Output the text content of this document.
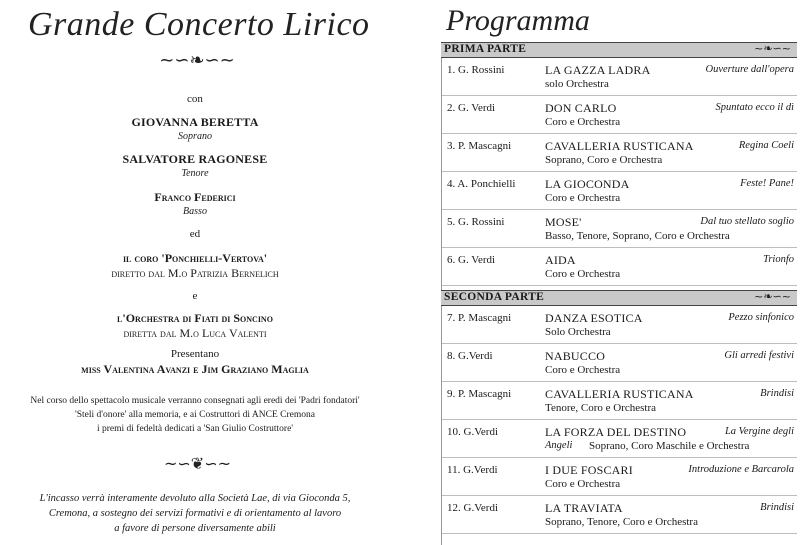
Grande Concerto Lirico
~∽❧∽~
con
GIOVANNA BERETTA
Soprano
SALVATORE RAGONESE
Tenore
Franco Federici
Basso
ed
il coro 'Ponchielli-Vertova'
diretto dal M.o Patrizia Bernelich
e
l'Orchestra di Fiati di Soncino
diretta dal M.o Luca Valenti
Presentano
miss Valentina Avanzi e Jim Graziano Maglia
Nel corso dello spettacolo musicale verranno consegnati agli eredi dei 'Padri fondatori'
'Steli d'onore' alla memoria, e ai Costruttori di ANCE Cremona
i premi di fedeltà dedicati a 'San Giulio Costruttore'
~∽❦∽~
L'incasso verrà interamente devoluto alla Società Lae, di via Gioconda 5,
Cremona, a sostegno dei servizi formativi e di orientamento al lavoro
a favore di persone diversamente abili
Programma
PRIMA PARTE	~❧∽~
1. G. Rossini	LA GAZZA LADRA	Ouverture dall'opera
solo Orchestra
2. G. Verdi	DON CARLO	Spuntato ecco il dì
Coro e Orchestra
3. P. Mascagni	CAVALLERIA RUSTICANA	Regina Coeli
Soprano, Coro e Orchestra
4. A. Ponchielli LA GIOCONDA	Feste! Pane!
Coro e Orchestra
5. G. Rossini	MOSE'	Dal tuo stellato soglio
Basso, Tenore, Soprano, Coro e Orchestra
6. G. Verdi	AIDA	Trionfo
Coro e Orchestra
SECONDA PARTE	~❧∽~
7. P. Mascagni	DANZA ESOTICA	Pezzo sinfonico
Solo Orchestra
8. G.Verdi	NABUCCO	Gli arredi festivi
Coro e Orchestra
9. P. Mascagni	CAVALLERIA RUSTICANA	Brindisi
Tenore, Coro e Orchestra
10. G.Verdi	LA FORZA DEL DESTINO	La Vergine degli
Soprano, Coro Maschile e Orchestra
Angeli
11. G.Verdi	I DUE FOSCARI	Introduzione e Barcarola
Coro e Orchestra
12. G.Verdi	LA TRAVIATA	Brindisi
Soprano, Tenore, Coro e Orchestra
